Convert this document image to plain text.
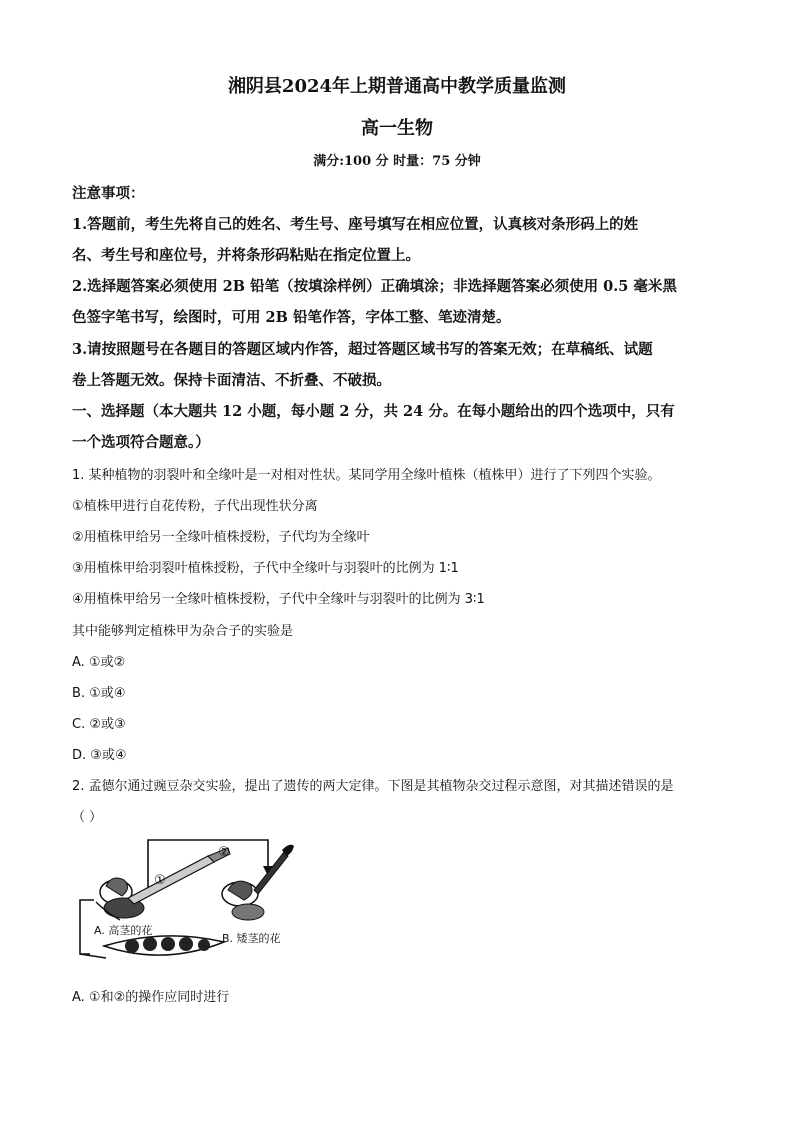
湘阴县2024年上期普通高中教学质量监测
高一生物
满分:100 分 时量：75 分钟
注意事项：
1.答题前，考生先将自己的姓名、考生号、座号填写在相应位置，认真核对条形码上的姓
名、考生号和座位号，并将条形码粘贴在指定位置上。
2.选择题答案必须使用 2B 铅笔（按填涂样例）正确填涂；非选择题答案必须使用 0.5 毫米黑
色签字笔书写，绘图时，可用 2B 铅笔作答，字体工整、笔迹清楚。
3.请按照题号在各题目的答题区域内作答，超过答题区域书写的答案无效；在草稿纸、试题
卷上答题无效。保持卡面清洁、不折叠、不破损。
一、选择题（本大题共 12 小题，每小题 2 分，共 24 分。在每小题给出的四个选项中，只有
一个选项符合题意。）
1. 某种植物的羽裂叶和全缘叶是一对相对性状。某同学用全缘叶植株（植株甲）进行了下列四个实验。
①植株甲进行自花传粉，子代出现性状分离
②用植株甲给另一全缘叶植株授粉，子代均为全缘叶
③用植株甲给羽裂叶植株授粉，子代中全缘叶与羽裂叶的比例为 1∶1
④用植株甲给另一全缘叶植株授粉，子代中全缘叶与羽裂叶的比例为 3∶1
其中能够判定植株甲为杂合子的实验是
A. ①或②
B. ①或④
C. ②或③
D. ③或④
2. 孟德尔通过豌豆杂交实验，提出了遗传的两大定律。下图是其植物杂交过程示意图，对其描述错误的是
（ ）
A. 高茎的花
B. 矮茎的花
①
②
A. ①和②的操作应同时进行
